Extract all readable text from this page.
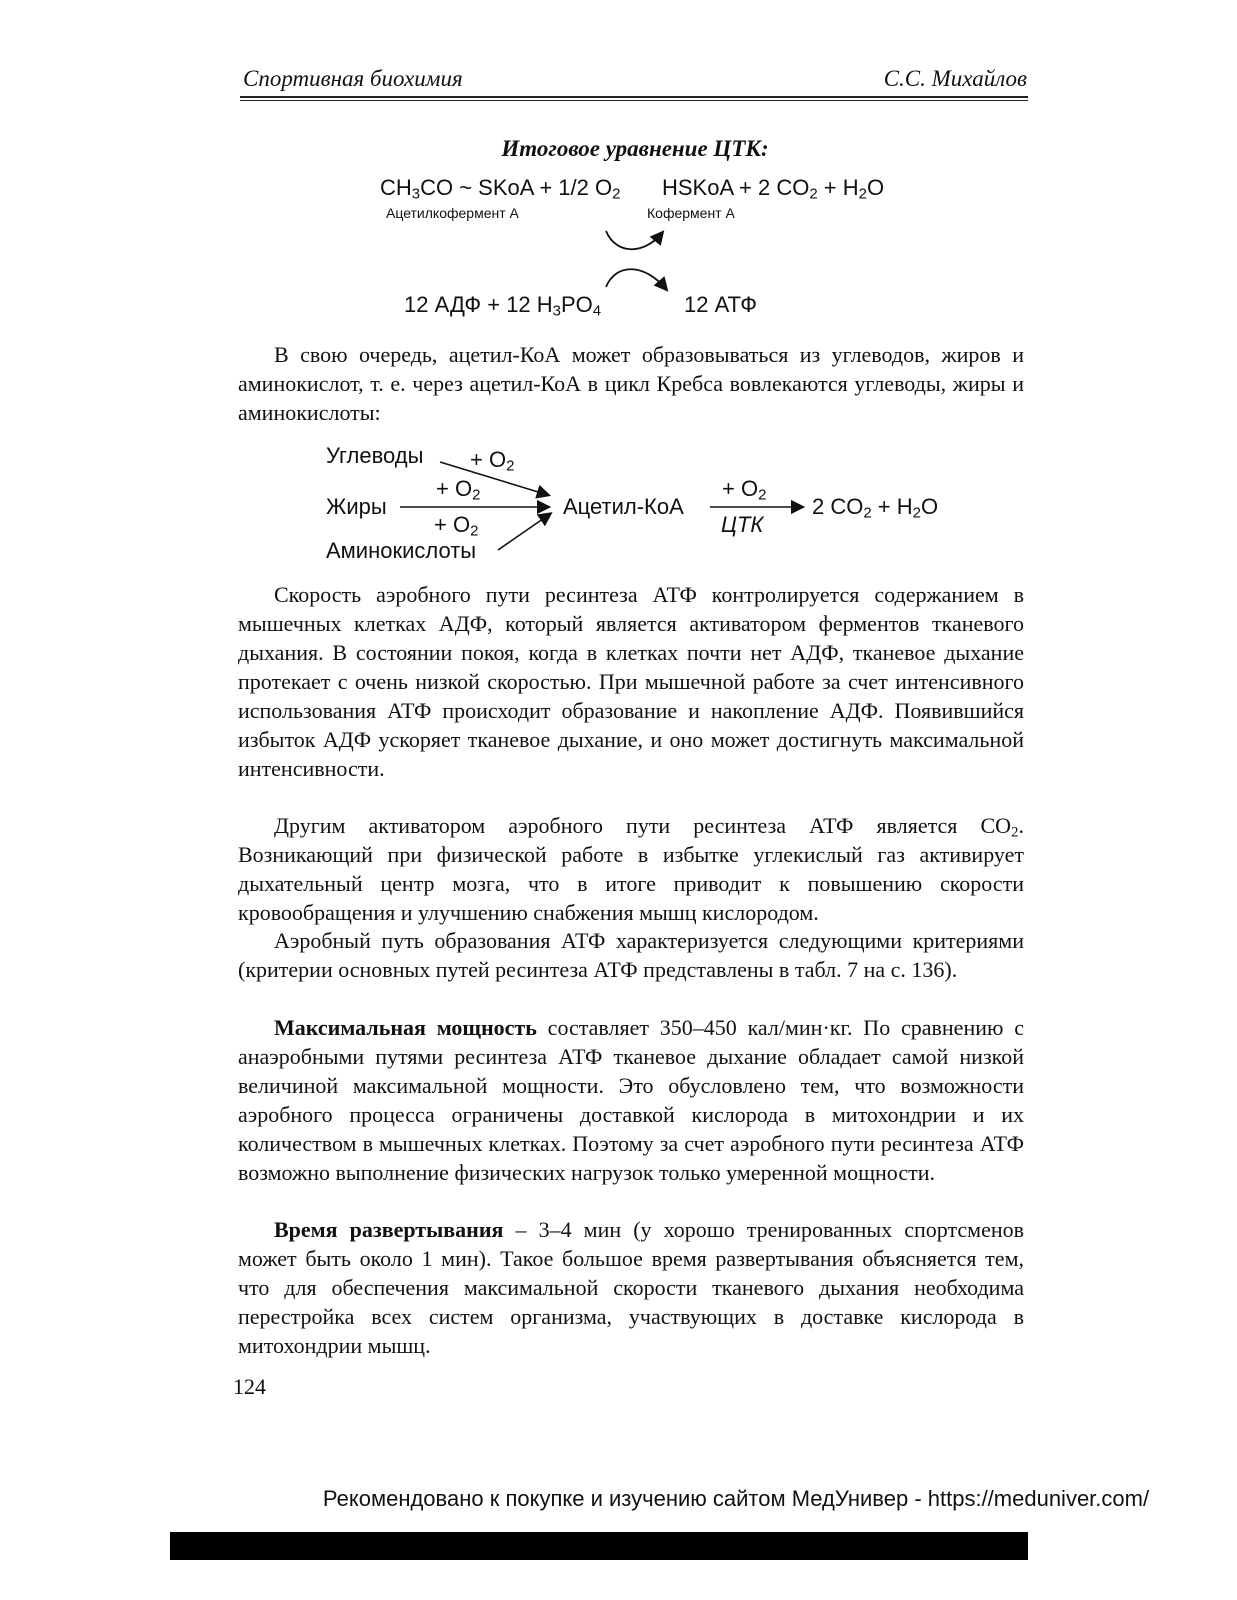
Спортивная биохимия	С.С. Михайлов
Итоговое уравнение ЦТК:
$CH_3CO$ ~ SKoA + 1/2 $O_2$ HSKoA + 2 $CO_2 + H_2O$
Ацетилкофермент А	Кофермент А
12 АДФ + 12 $H_3PO_4$	12 АТФ

В свою очередь, ацетил-КоА может образовываться из углеводов, жиров и аминокислот, т. е. через ацетил-КоА в цикл Кребса вовлекаются углеводы, жиры и аминокислоты:

Углеводы
Жиры
Аминокислоты
+ $O_2$
+ $O_2$
+ $O_2$
Ацетил-КоА
+ $O_2$
ЦТК
2 $CO_2 + H_2O$

Скорость аэробного пути ресинтеза АТФ контролируется содержанием в мышечных клетках АДФ, который является активатором ферментов тканевого дыхания. В состоянии покоя, когда в клетках почти нет АДФ, тканевое дыхание протекает с очень низкой скоростью. При мышечной работе за счет интенсивного использования АТФ происходит образование и накопление АДФ. Появившийся избыток АДФ ускоряет тканевое дыхание, и оно может достигнуть максимальной интенсивности.

Другим активатором аэробного пути ресинтеза АТФ является $CO_2$. Возникающий при физической работе в избытке углекислый газ активирует дыхательный центр мозга, что в итоге приводит к повышению скорости кровообращения и улучшению снабжения мышц кислородом.

Аэробный путь образования АТФ характеризуется следующими критериями (критерии основных путей ресинтеза АТФ представлены в табл. 7 на с. 136).

Максимальная мощность составляет 350–450 кал/мин·кг. По сравнению с анаэробными путями ресинтеза АТФ тканевое дыхание обладает самой низкой величиной максимальной мощности. Это обусловлено тем, что возможности аэробного процесса ограничены доставкой кислорода в митохондрии и их количеством в мышечных клетках. Поэтому за счет аэробного пути ресинтеза АТФ возможно выполнение физических нагрузок только умеренной мощности.

Время развертывания – 3–4 мин (у хорошо тренированных спортсменов может быть около 1 мин). Такое большое время развертывания объясняется тем, что для обеспечения максимальной скорости тканевого дыхания необходима перестройка всех систем организма, участвующих в доставке кислорода в митохондрии мышц.

124
Рекомендовано к покупке и изучению сайтом МедУнивер - https://meduniver.com/
